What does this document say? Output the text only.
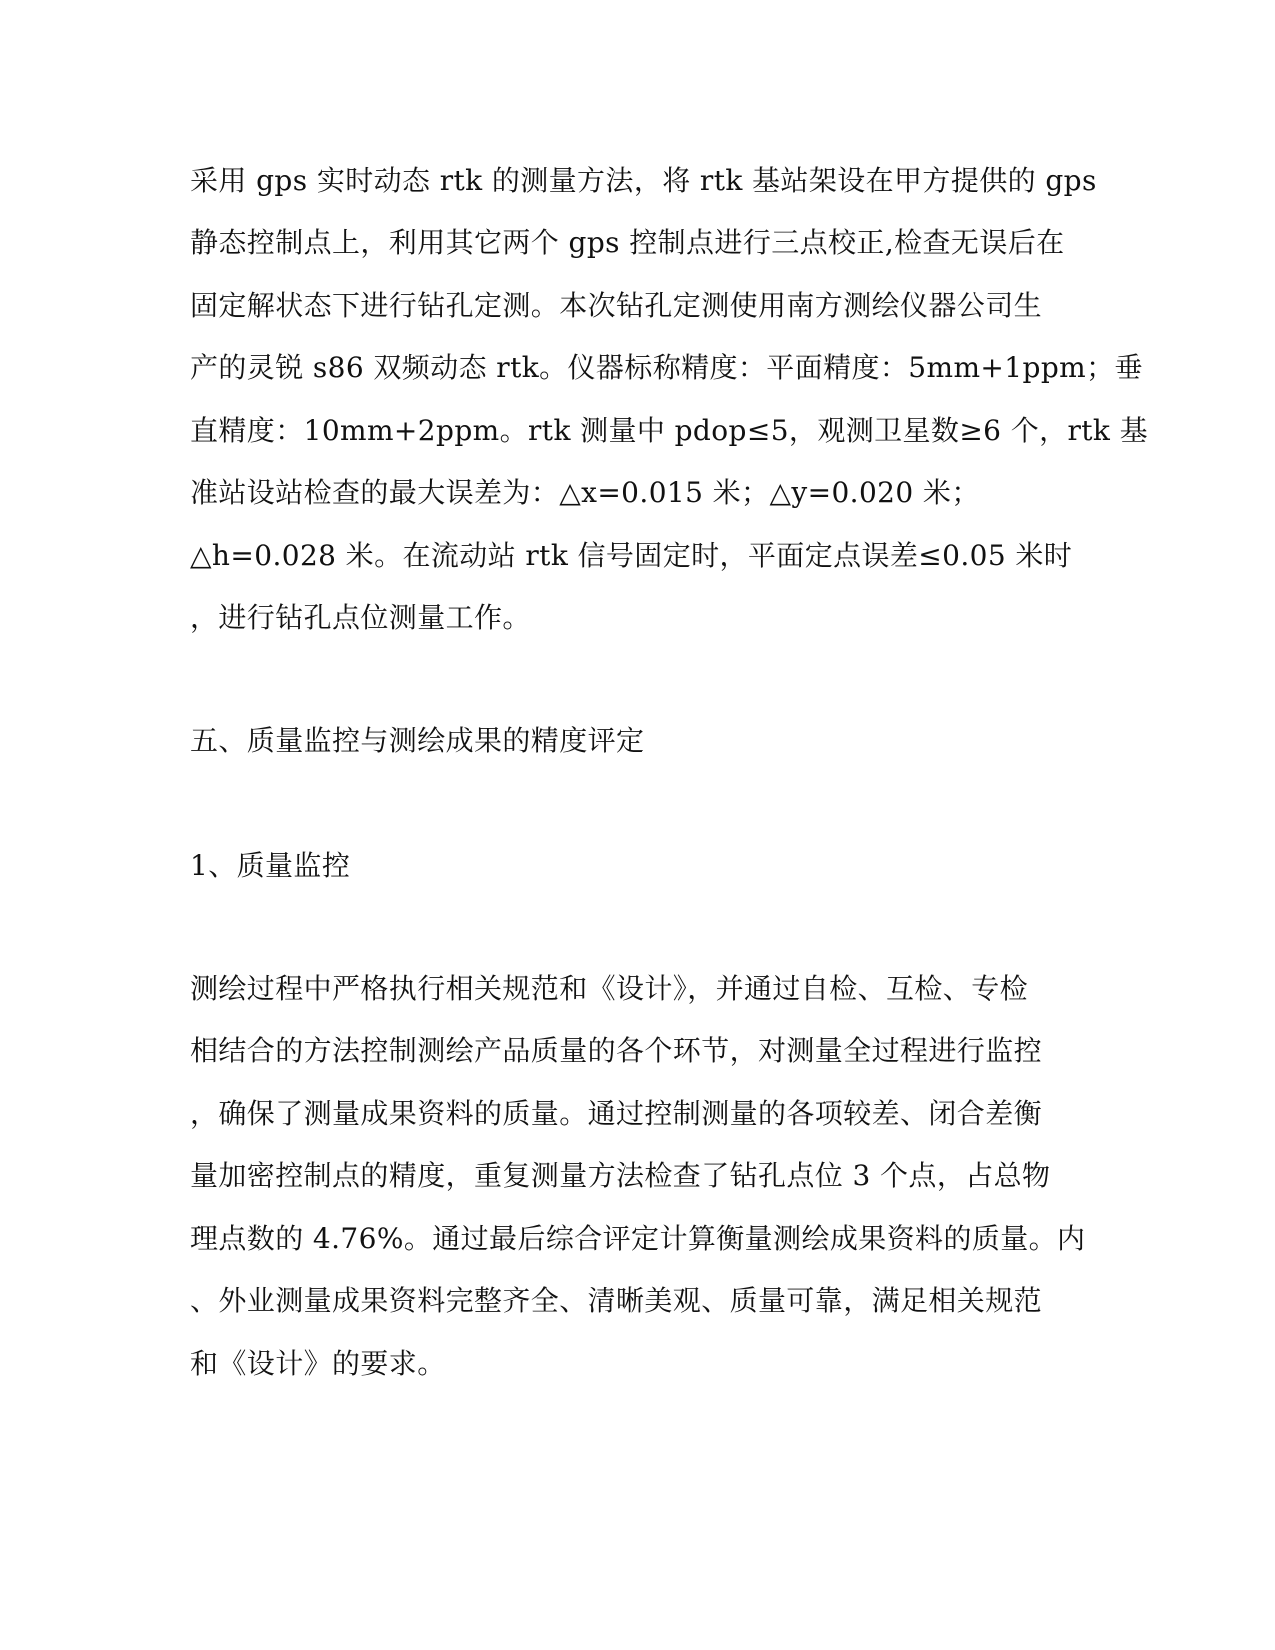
采用 gps 实时动态 rtk 的测量方法，将 rtk 基站架设在甲方提供的 gps
静态控制点上，利用其它两个 gps 控制点进行三点校正,检查无误后在
固定解状态下进行钻孔定测。本次钻孔定测使用南方测绘仪器公司生
产的灵锐 s86 双频动态 rtk。仪器标称精度：平面精度：5mm+1ppm；垂
直精度：10mm+2ppm。rtk 测量中 pdop≤5，观测卫星数≥6 个，rtk 基
准站设站检查的最大误差为：△x=0.015 米；△y=0.020 米；
△h=0.028 米。在流动站 rtk 信号固定时，平面定点误差≤0.05 米时
，进行钻孔点位测量工作。
五、质量监控与测绘成果的精度评定
1、质量监控
测绘过程中严格执行相关规范和《设计》，并通过自检、互检、专检
相结合的方法控制测绘产品质量的各个环节，对测量全过程进行监控
，确保了测量成果资料的质量。通过控制测量的各项较差、闭合差衡
量加密控制点的精度，重复测量方法检查了钻孔点位 3 个点，占总物
理点数的 4.76%。通过最后综合评定计算衡量测绘成果资料的质量。内
、外业测量成果资料完整齐全、清晰美观、质量可靠，满足相关规范
和《设计》的要求。
